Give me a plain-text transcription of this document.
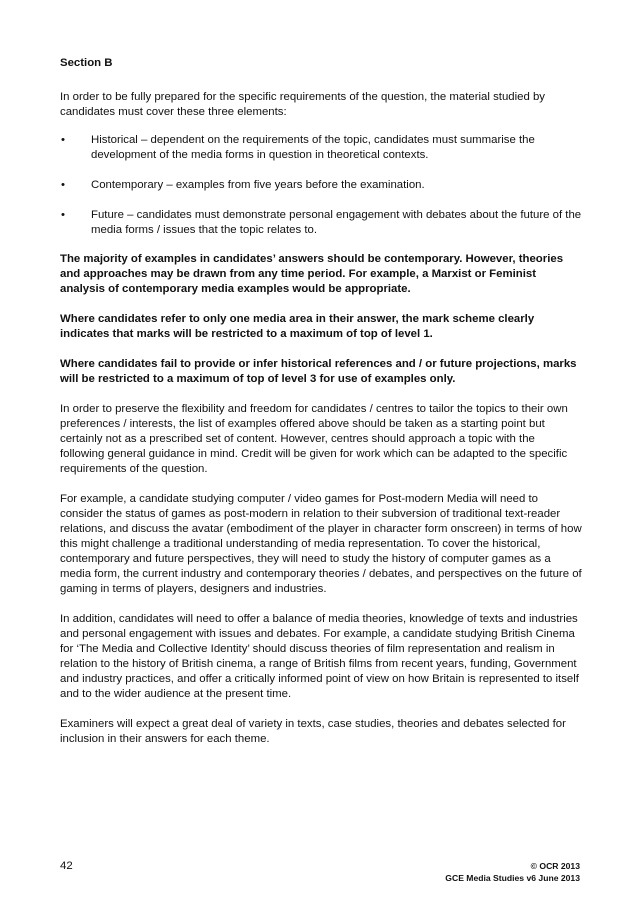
Section B

In order to be fully prepared for the specific requirements of the question, the material studied by candidates must cover these three elements:

• Historical – dependent on the requirements of the topic, candidates must summarise the development of the media forms in question in theoretical contexts.
• Contemporary – examples from five years before the examination.
• Future – candidates must demonstrate personal engagement with debates about the future of the media forms / issues that the topic relates to.

The majority of examples in candidates’ answers should be contemporary. However, theories and approaches may be drawn from any time period. For example, a Marxist or Feminist analysis of contemporary media examples would be appropriate.

Where candidates refer to only one media area in their answer, the mark scheme clearly indicates that marks will be restricted to a maximum of top of level 1.

Where candidates fail to provide or infer historical references and / or future projections, marks will be restricted to a maximum of top of level 3 for use of examples only.

In order to preserve the flexibility and freedom for candidates / centres to tailor the topics to their own preferences / interests, the list of examples offered above should be taken as a starting point but certainly not as a prescribed set of content. However, centres should approach a topic with the following general guidance in mind. Credit will be given for work which can be adapted to the specific requirements of the question.

For example, a candidate studying computer / video games for Post-modern Media will need to consider the status of games as post-modern in relation to their subversion of traditional text-reader relations, and discuss the avatar (embodiment of the player in character form onscreen) in terms of how this might challenge a traditional understanding of media representation. To cover the historical, contemporary and future perspectives, they will need to study the history of computer games as a media form, the current industry and contemporary theories / debates, and perspectives on the future of gaming in terms of players, designers and industries.

In addition, candidates will need to offer a balance of media theories, knowledge of texts and industries and personal engagement with issues and debates. For example, a candidate studying British Cinema for ‘The Media and Collective Identity’ should discuss theories of film representation and realism in relation to the history of British cinema, a range of British films from recent years, funding, Government and industry practices, and offer a critically informed point of view on how Britain is represented to itself and to the wider audience at the present time.

Examiners will expect a great deal of variety in texts, case studies, theories and debates selected for inclusion in their answers for each theme.

42	© OCR 2013
GCE Media Studies v6 June 2013
